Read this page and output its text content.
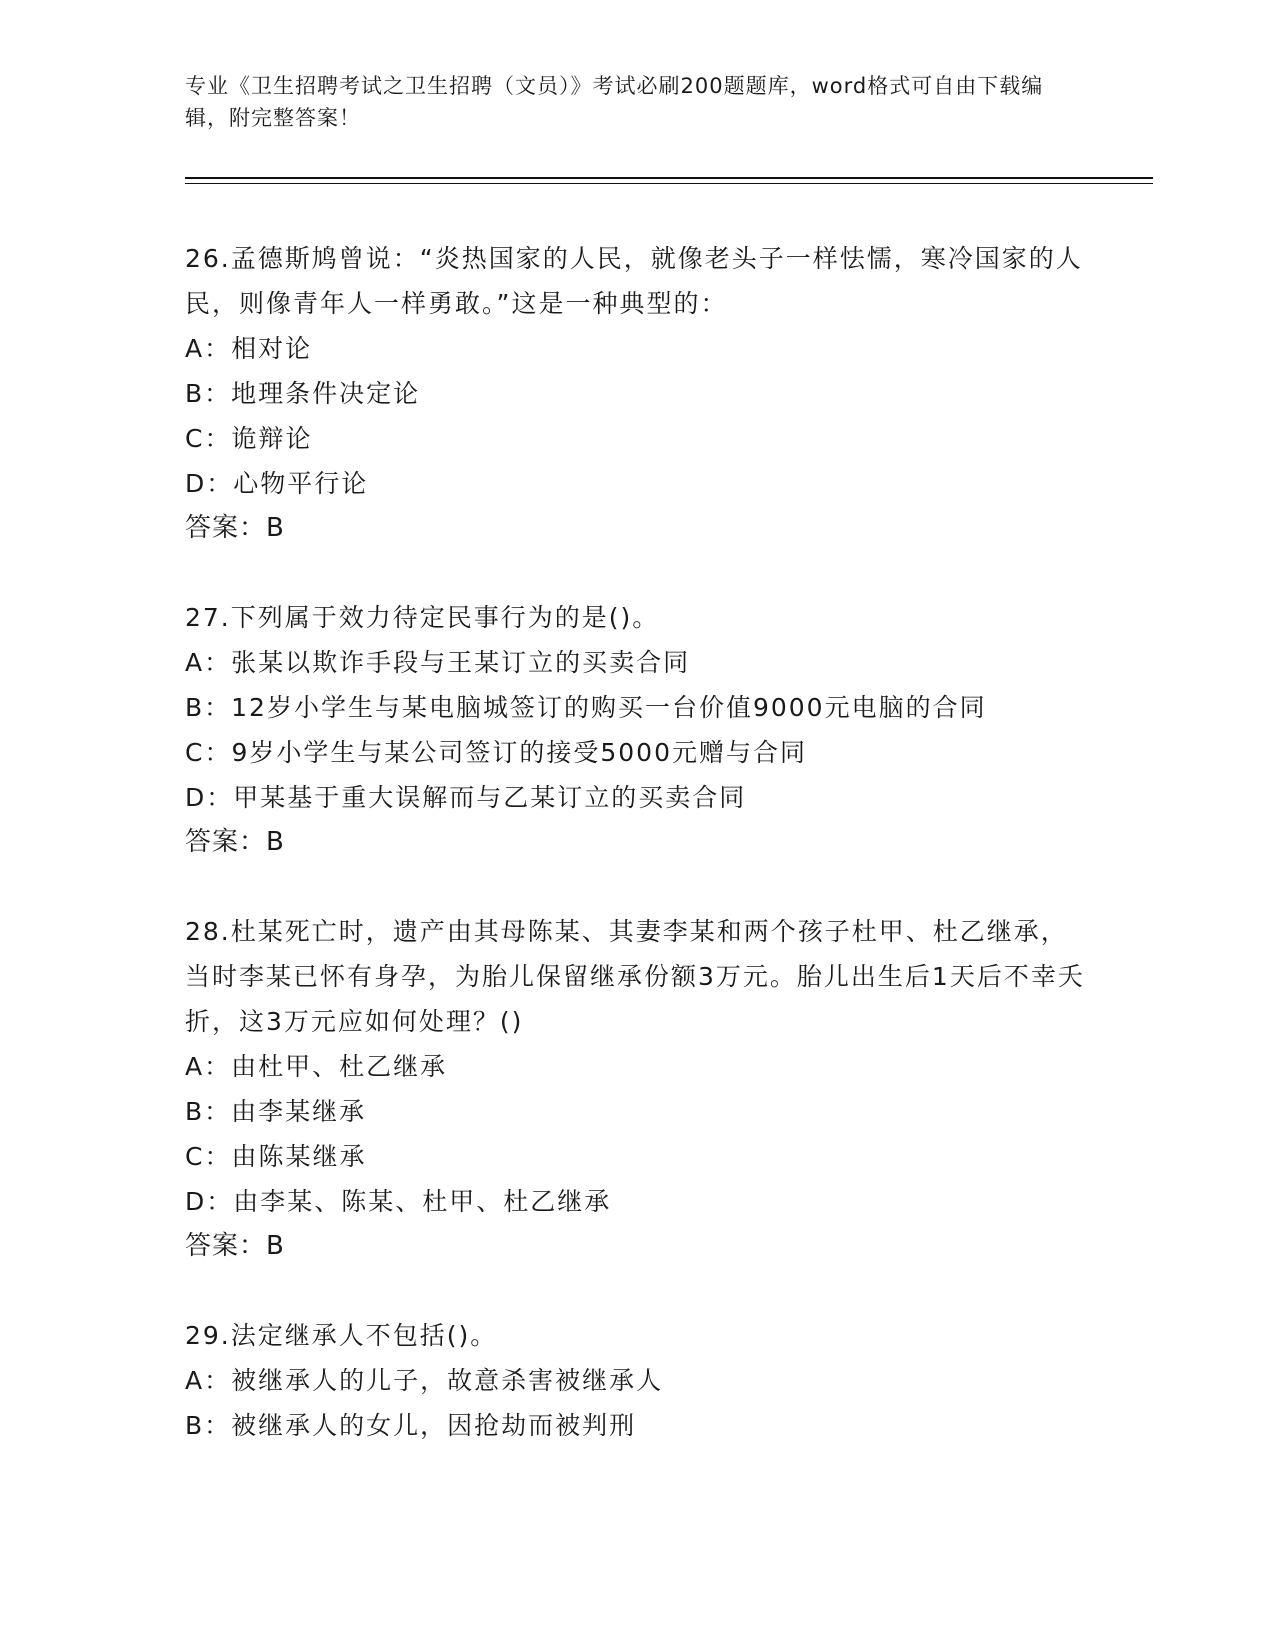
专业《卫生招聘考试之卫生招聘（文员）》考试必刷200题题库，word格式可自由下载编辑，附完整答案！
26.孟德斯鸠曾说：“炎热国家的人民，就像老头子一样怯懦，寒冷国家的人民，则像青年人一样勇敢。”这是一种典型的：
A：相对论
B：地理条件决定论
C：诡辩论
D：心物平行论
答案：B
27.下列属于效力待定民事行为的是()。
A：张某以欺诈手段与王某订立的买卖合同
B：12岁小学生与某电脑城签订的购买一台价值9000元电脑的合同
C：9岁小学生与某公司签订的接受5000元赠与合同
D：甲某基于重大误解而与乙某订立的买卖合同
答案：B
28.杜某死亡时，遗产由其母陈某、其妻李某和两个孩子杜甲、杜乙继承，当时李某已怀有身孕，为胎儿保留继承份额3万元。胎儿出生后1天后不幸夭折，这3万元应如何处理？()
A：由杜甲、杜乙继承
B：由李某继承
C：由陈某继承
D：由李某、陈某、杜甲、杜乙继承
答案：B
29.法定继承人不包括()。
A：被继承人的儿子，故意杀害被继承人
B：被继承人的女儿，因抢劫而被判刑
